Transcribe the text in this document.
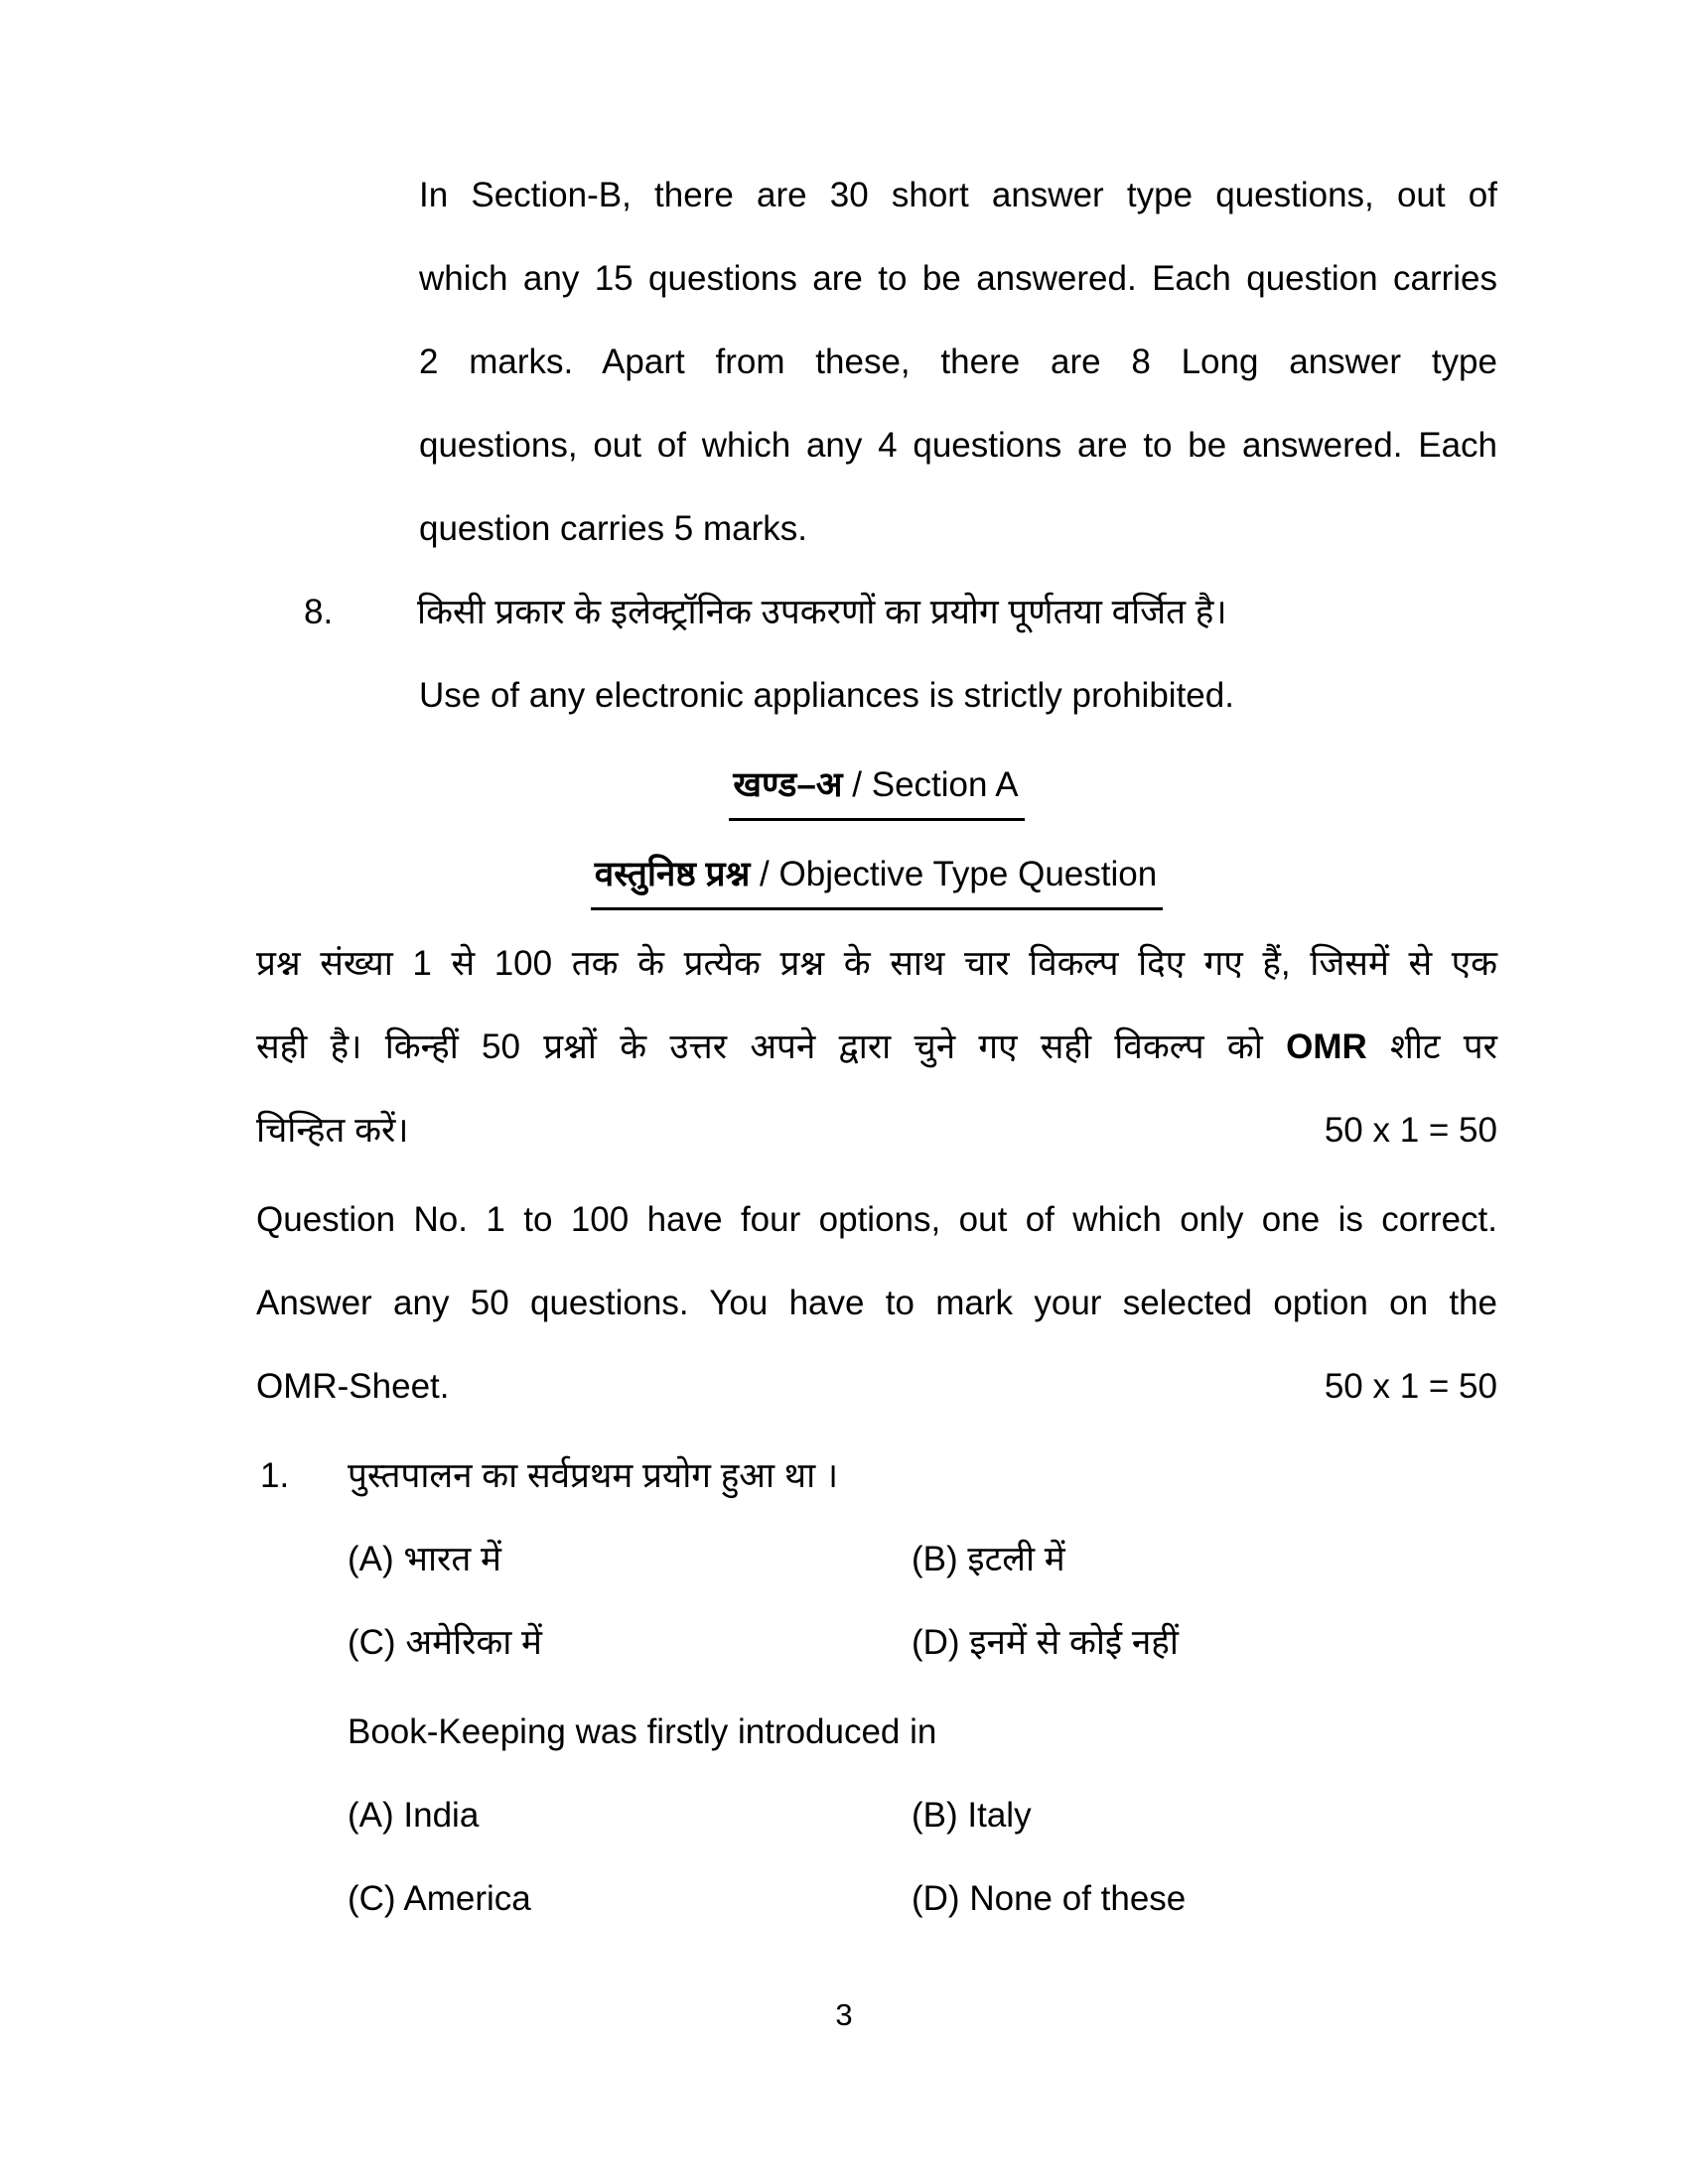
In Section-B, there are 30 short answer type questions, out of
which any 15 questions are to be answered. Each question carries
2 marks. Apart from these, there are 8 Long answer type
questions, out of which any 4 questions are to be answered. Each
question carries 5 marks.
8.	किसी प्रकार के इलेक्ट्रॉनिक उपकरणों का प्रयोग पूर्णतया वर्जित है।
Use of any electronic appliances is strictly prohibited.
खण्ड–अ / Section A
वस्तुनिष्ठ प्रश्न / Objective Type Question
प्रश्न संख्या 1 से 100 तक के प्रत्येक प्रश्न के साथ चार विकल्प दिए गए हैं, जिसमें से एक
सही है। किन्हीं 50 प्रश्नों के उत्तर अपने द्वारा चुने गए सही विकल्प को OMR शीट पर
चिन्हित करें।	50 x 1 = 50
Question No. 1 to 100 have four options, out of which only one is correct.
Answer any 50 questions. You have to mark your selected option on the
OMR-Sheet.	50 x 1 = 50
1.	पुस्तपालन का सर्वप्रथम प्रयोग हुआ था ।
(A) भारत में	(B) इटली में
(C) अमेरिका में	(D) इनमें से कोई नहीं
Book-Keeping was firstly introduced in
(A) India	(B) Italy
(C) America	(D) None of these
3
